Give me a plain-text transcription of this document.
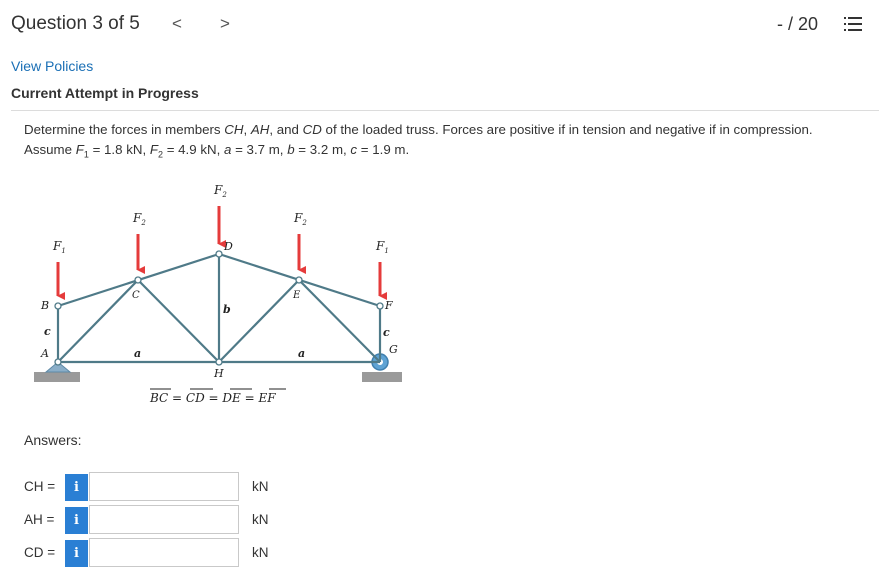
Question 3 of 5 < >	- / 20
View Policies
Current Attempt in Progress
Determine the forces in members CH, AH, and CD of the loaded truss. Forces are positive if in tension and negative if in compression.
Assume $F_1 = 1.8$ kN, $F_2 = 4.9$ kN, a = 3.7 m, b = 3.2 m, c = 1.9 m.
$F_1$
$F_2$
$F_2$
$F_2$
$F_1$
B
C
D
E
F
A	G
H
a	a
b
c	c
BC = CD = DE = EF
Answers:
CH =	i	kN
AH =	i	kN
CD =	i	kN
